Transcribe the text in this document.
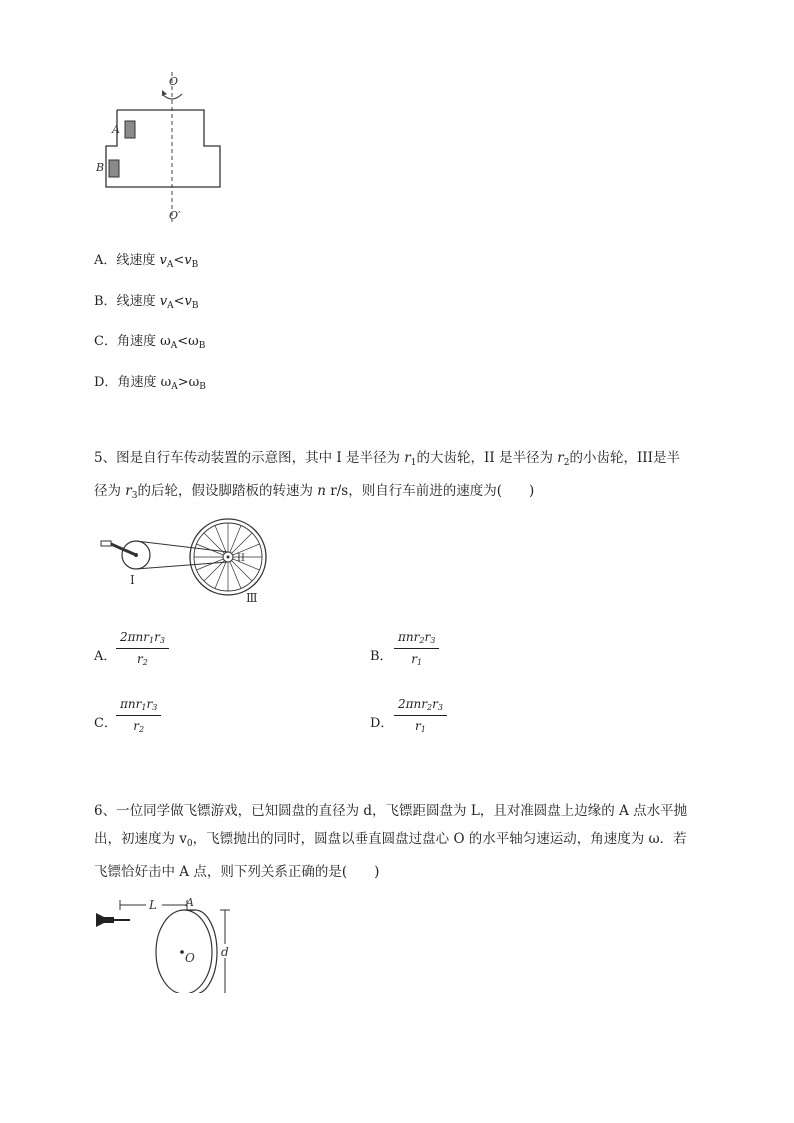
O
O′
A
B
A．线速度 $v_A<v_B$
B．线速度 $v_A<v_B$
C．角速度 $\omega_A<\omega_B$
D．角速度 $\omega_A>\omega_B$
5、图是自行车传动装置的示意图，其中 I 是半径为 $r_1$的大齿轮，II 是半径为 $r_2$的小齿轮，III是半
径为 $r_3$的后轮，假设脚踏板的转速为 n r/s，则自行车前进的速度为(　　)
I
II
Ⅲ
A．
2πnr1r3
r2	B．
πnr2r3
r1
C．
πnr1r3
r2	D．
2πnr2r3
r1
6、一位同学做飞镖游戏，已知圆盘的直径为 d，飞镖距圆盘为 L，且对准圆盘上边缘的 A 点水平抛
出，初速度为 $v_0$，飞镖抛出的同时，圆盘以垂直圆盘过盘心 O 的水平轴匀速运动，角速度为 ω．若
飞镖恰好击中 A 点，则下列关系正确的是(　　)
L	A
O d
